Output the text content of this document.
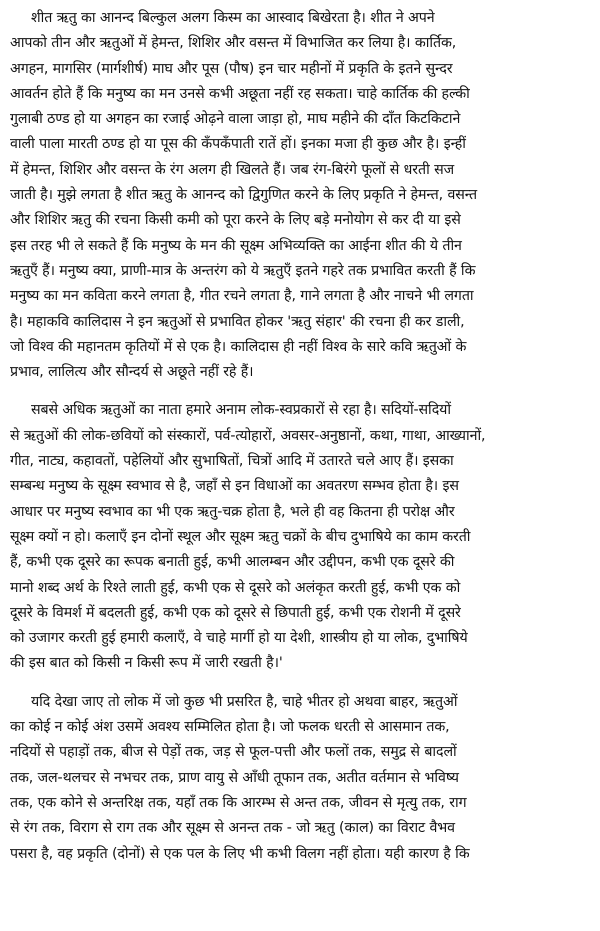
शीत ऋतु का आनन्द बिल्कुल अलग किस्म का आस्वाद बिखेरता है। शीत ने अपने
आपको तीन और ऋतुओं में हेमन्त, शिशिर और वसन्त में विभाजित कर लिया है। कार्तिक,
अगहन, मागसिर (मार्गशीर्ष) माघ और पूस (पौष) इन चार महीनों में प्रकृति के इतने सुन्दर
आवर्तन होते हैं कि मनुष्य का मन उनसे कभी अछूता नहीं रह सकता। चाहे कार्तिक की हल्की
गुलाबी ठण्ड हो या अगहन का रजाई ओढ़ने वाला जाड़ा हो, माघ महीने की दाँत किटकिटाने
वाली पाला मारती ठण्ड हो या पूस की कँपकँपाती रातें हों। इनका मजा ही कुछ और है। इन्हीं
में हेमन्त, शिशिर और वसन्त के रंग अलग ही खिलते हैं। जब रंग-बिरंगे फूलों से धरती सज
जाती है। मुझे लगता है शीत ऋतु के आनन्द को द्विगुणित करने के लिए प्रकृति ने हेमन्त, वसन्त
और शिशिर ऋतु की रचना किसी कमी को पूरा करने के लिए बड़े मनोयोग से कर दी या इसे
इस तरह भी ले सकते हैं कि मनुष्य के मन की सूक्ष्म अभिव्यक्ति का आईना शीत की ये तीन
ऋतुएँ हैं। मनुष्य क्या, प्राणी-मात्र के अन्तरंग को ये ऋतुएँ इतने गहरे तक प्रभावित करती हैं कि
मनुष्य का मन कविता करने लगता है, गीत रचने लगता है, गाने लगता है और नाचने भी लगता
है। महाकवि कालिदास ने इन ऋतुओं से प्रभावित होकर 'ऋतु संहार' की रचना ही कर डाली,
जो विश्व की महानतम कृतियों में से एक है। कालिदास ही नहीं विश्व के सारे कवि ऋतुओं के
प्रभाव, लालित्य और सौन्दर्य से अछूते नहीं रहे हैं।
सबसे अधिक ऋतुओं का नाता हमारे अनाम लोक-स्वप्रकारों से रहा है। सदियों-सदियों
से ऋतुओं की लोक-छवियों को संस्कारों, पर्व-त्योहारों, अवसर-अनुष्ठानों, कथा, गाथा, आख्यानों,
गीत, नाट्य, कहावतों, पहेलियों और सुभाषितों, चित्रों आदि में उतारते चले आए हैं। इसका
सम्बन्ध मनुष्य के सूक्ष्म स्वभाव से है, जहाँ से इन विधाओं का अवतरण सम्भव होता है। इस
आधार पर मनुष्य स्वभाव का भी एक ऋतु-चक्र होता है, भले ही वह कितना ही परोक्ष और
सूक्ष्म क्यों न हो। कलाएँ इन दोनों स्थूल और सूक्ष्म ऋतु चक्रों के बीच दुभाषिये का काम करती
हैं, कभी एक दूसरे का रूपक बनाती हुई, कभी आलम्बन और उद्दीपन, कभी एक दूसरे की
मानो शब्द अर्थ के रिश्ते लाती हुई, कभी एक से दूसरे को अलंकृत करती हुई, कभी एक को
दूसरे के विमर्श में बदलती हुई, कभी एक को दूसरे से छिपाती हुई, कभी एक रोशनी में दूसरे
को उजागर करती हुई हमारी कलाएँ, वे चाहे मार्गी हो या देशी, शास्त्रीय हो या लोक, दुभाषिये
की इस बात को किसी न किसी रूप में जारी रखती है।'
यदि देखा जाए तो लोक में जो कुछ भी प्रसरित है, चाहे भीतर हो अथवा बाहर, ऋतुओं
का कोई न कोई अंश उसमें अवश्य सम्मिलित होता है। जो फलक धरती से आसमान तक,
नदियों से पहाड़ों तक, बीज से पेड़ों तक, जड़ से फूल-पत्ती और फलों तक, समुद्र से बादलों
तक, जल-थलचर से नभचर तक, प्राण वायु से आँधी तूफान तक, अतीत वर्तमान से भविष्य
तक, एक कोने से अन्तरिक्ष तक, यहाँ तक कि आरम्भ से अन्त तक, जीवन से मृत्यु तक, राग
से रंग तक, विराग से राग तक और सूक्ष्म से अनन्त तक - जो ऋतु (काल) का विराट वैभव
पसरा है, वह प्रकृति (दोनों) से एक पल के लिए भी कभी विलग नहीं होता। यही कारण है कि
